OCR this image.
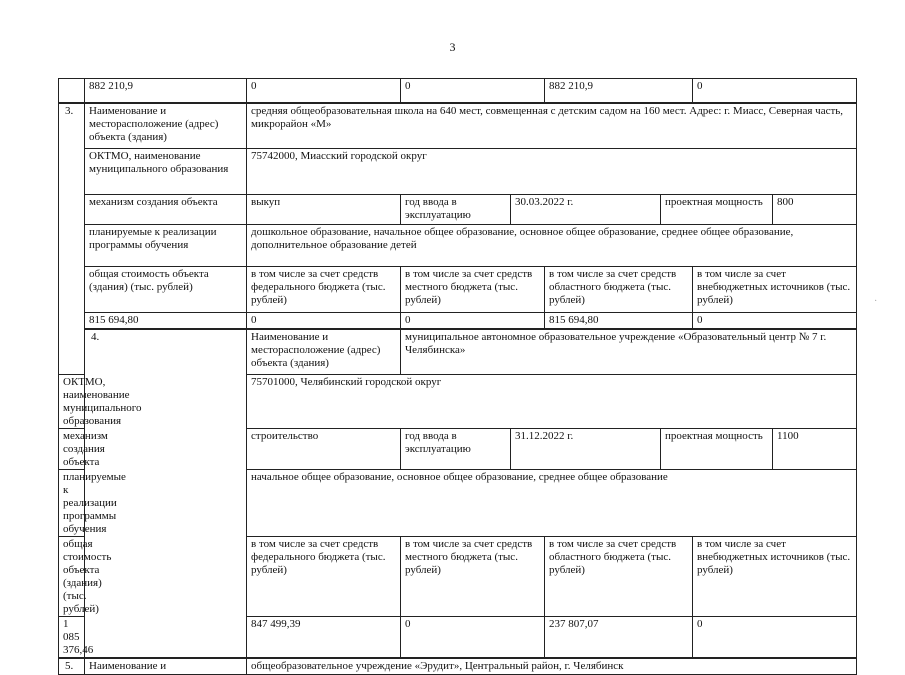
3
	882 210,9	0	0		882 210,9		0	
3.	Наименование и месторасположение (адрес) объекта (здания)	средняя общеобразовательная школа на 640 мест, совмещенная с детским садом на 160 мест. Адрес: г. Миасс, Северная часть, микрорайон «М»						
	ОКТМО, наименование муниципального образования	75742000, Миасский городской округ						
	механизм создания объекта	выкуп	год ввода в эксплуатацию	30.03.2022 г.		проектная мощность		800
	планируемые к реализации программы обучения	дошкольное образование, начальное общее образование, основное общее образование, среднее общее образование, дополнительное образование детей						
	общая стоимость объекта (здания) (тыс. рублей)	в том числе за счет средств федерального бюджета (тыс. рублей)	в том числе за счет средств местного бюджета (тыс. рублей)		в том числе за счет средств областного бюджета (тыс. рублей)		в том числе за счет внебюджетных источников (тыс. рублей)	
	815 694,80	0	0		815 694,80		0	
	4.	Наименование и месторасположение (адрес) объекта (здания)	муниципальное автономное образовательное учреждение «Образовательный центр № 7 г. Челябинска»					
ОКТМО, наименование муниципального образования		75701000, Челябинский городской округ						
механизм создания объекта		строительство	год ввода в эксплуатацию	31.12.2022 г.		проектная мощность		1100
планируемые к реализации программы обучения		начальное общее образование, основное общее образование, среднее общее образование						
общая стоимость объекта (здания) (тыс. рублей)		в том числе за счет средств федерального бюджета (тыс. рублей)	в том числе за счет средств местного бюджета (тыс. рублей)		в том числе за счет средств областного бюджета (тыс. рублей)		в том числе за счет внебюджетных источников (тыс. рублей)	
1 085 376,46		847 499,39	0		237 807,07		0	
5.	Наименование и	общеобразовательное учреждение «Эрудит», Центральный район, г. Челябинск						
·
